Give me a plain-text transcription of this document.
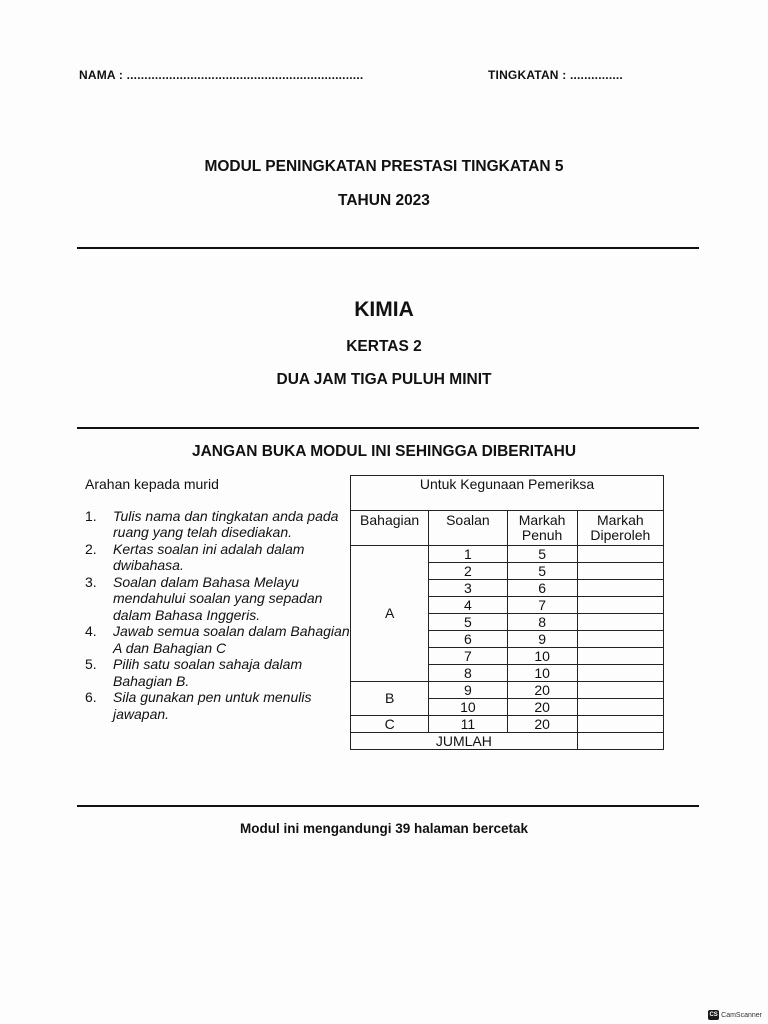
NAMA : ...................................................................	TINGKATAN : ...............
MODUL PENINGKATAN PRESTASI TINGKATAN 5
TAHUN 2023
KIMIA
KERTAS 2
DUA JAM TIGA PULUH MINIT
JANGAN BUKA MODUL INI SEHINGGA DIBERITAHU
Arahan kepada murid
1.	Tulis nama dan tingkatan anda pada ruang yang telah disediakan.
2.	Kertas soalan ini adalah dalam dwibahasa.
3.	Soalan dalam Bahasa Melayu mendahului soalan yang sepadan dalam Bahasa Inggeris.
4.	Jawab semua soalan dalam Bahagian A dan Bahagian C
5.	Pilih satu soalan sahaja dalam Bahagian B.
6.	Sila gunakan pen untuk menulis jawapan.
Untuk Kegunaan Pemeriksa			
Bahagian	Soalan	Markah Penuh	Markah Diperoleh
A	1	5	
	2	5	
	3	6	
	4	7	
	5	8	
	6	9	
	7	10	
	8	10	
B	9	20	
	10	20	
C	11	20	
JUMLAH			
Modul ini mengandungi 39 halaman bercetak
CS CamScanner
